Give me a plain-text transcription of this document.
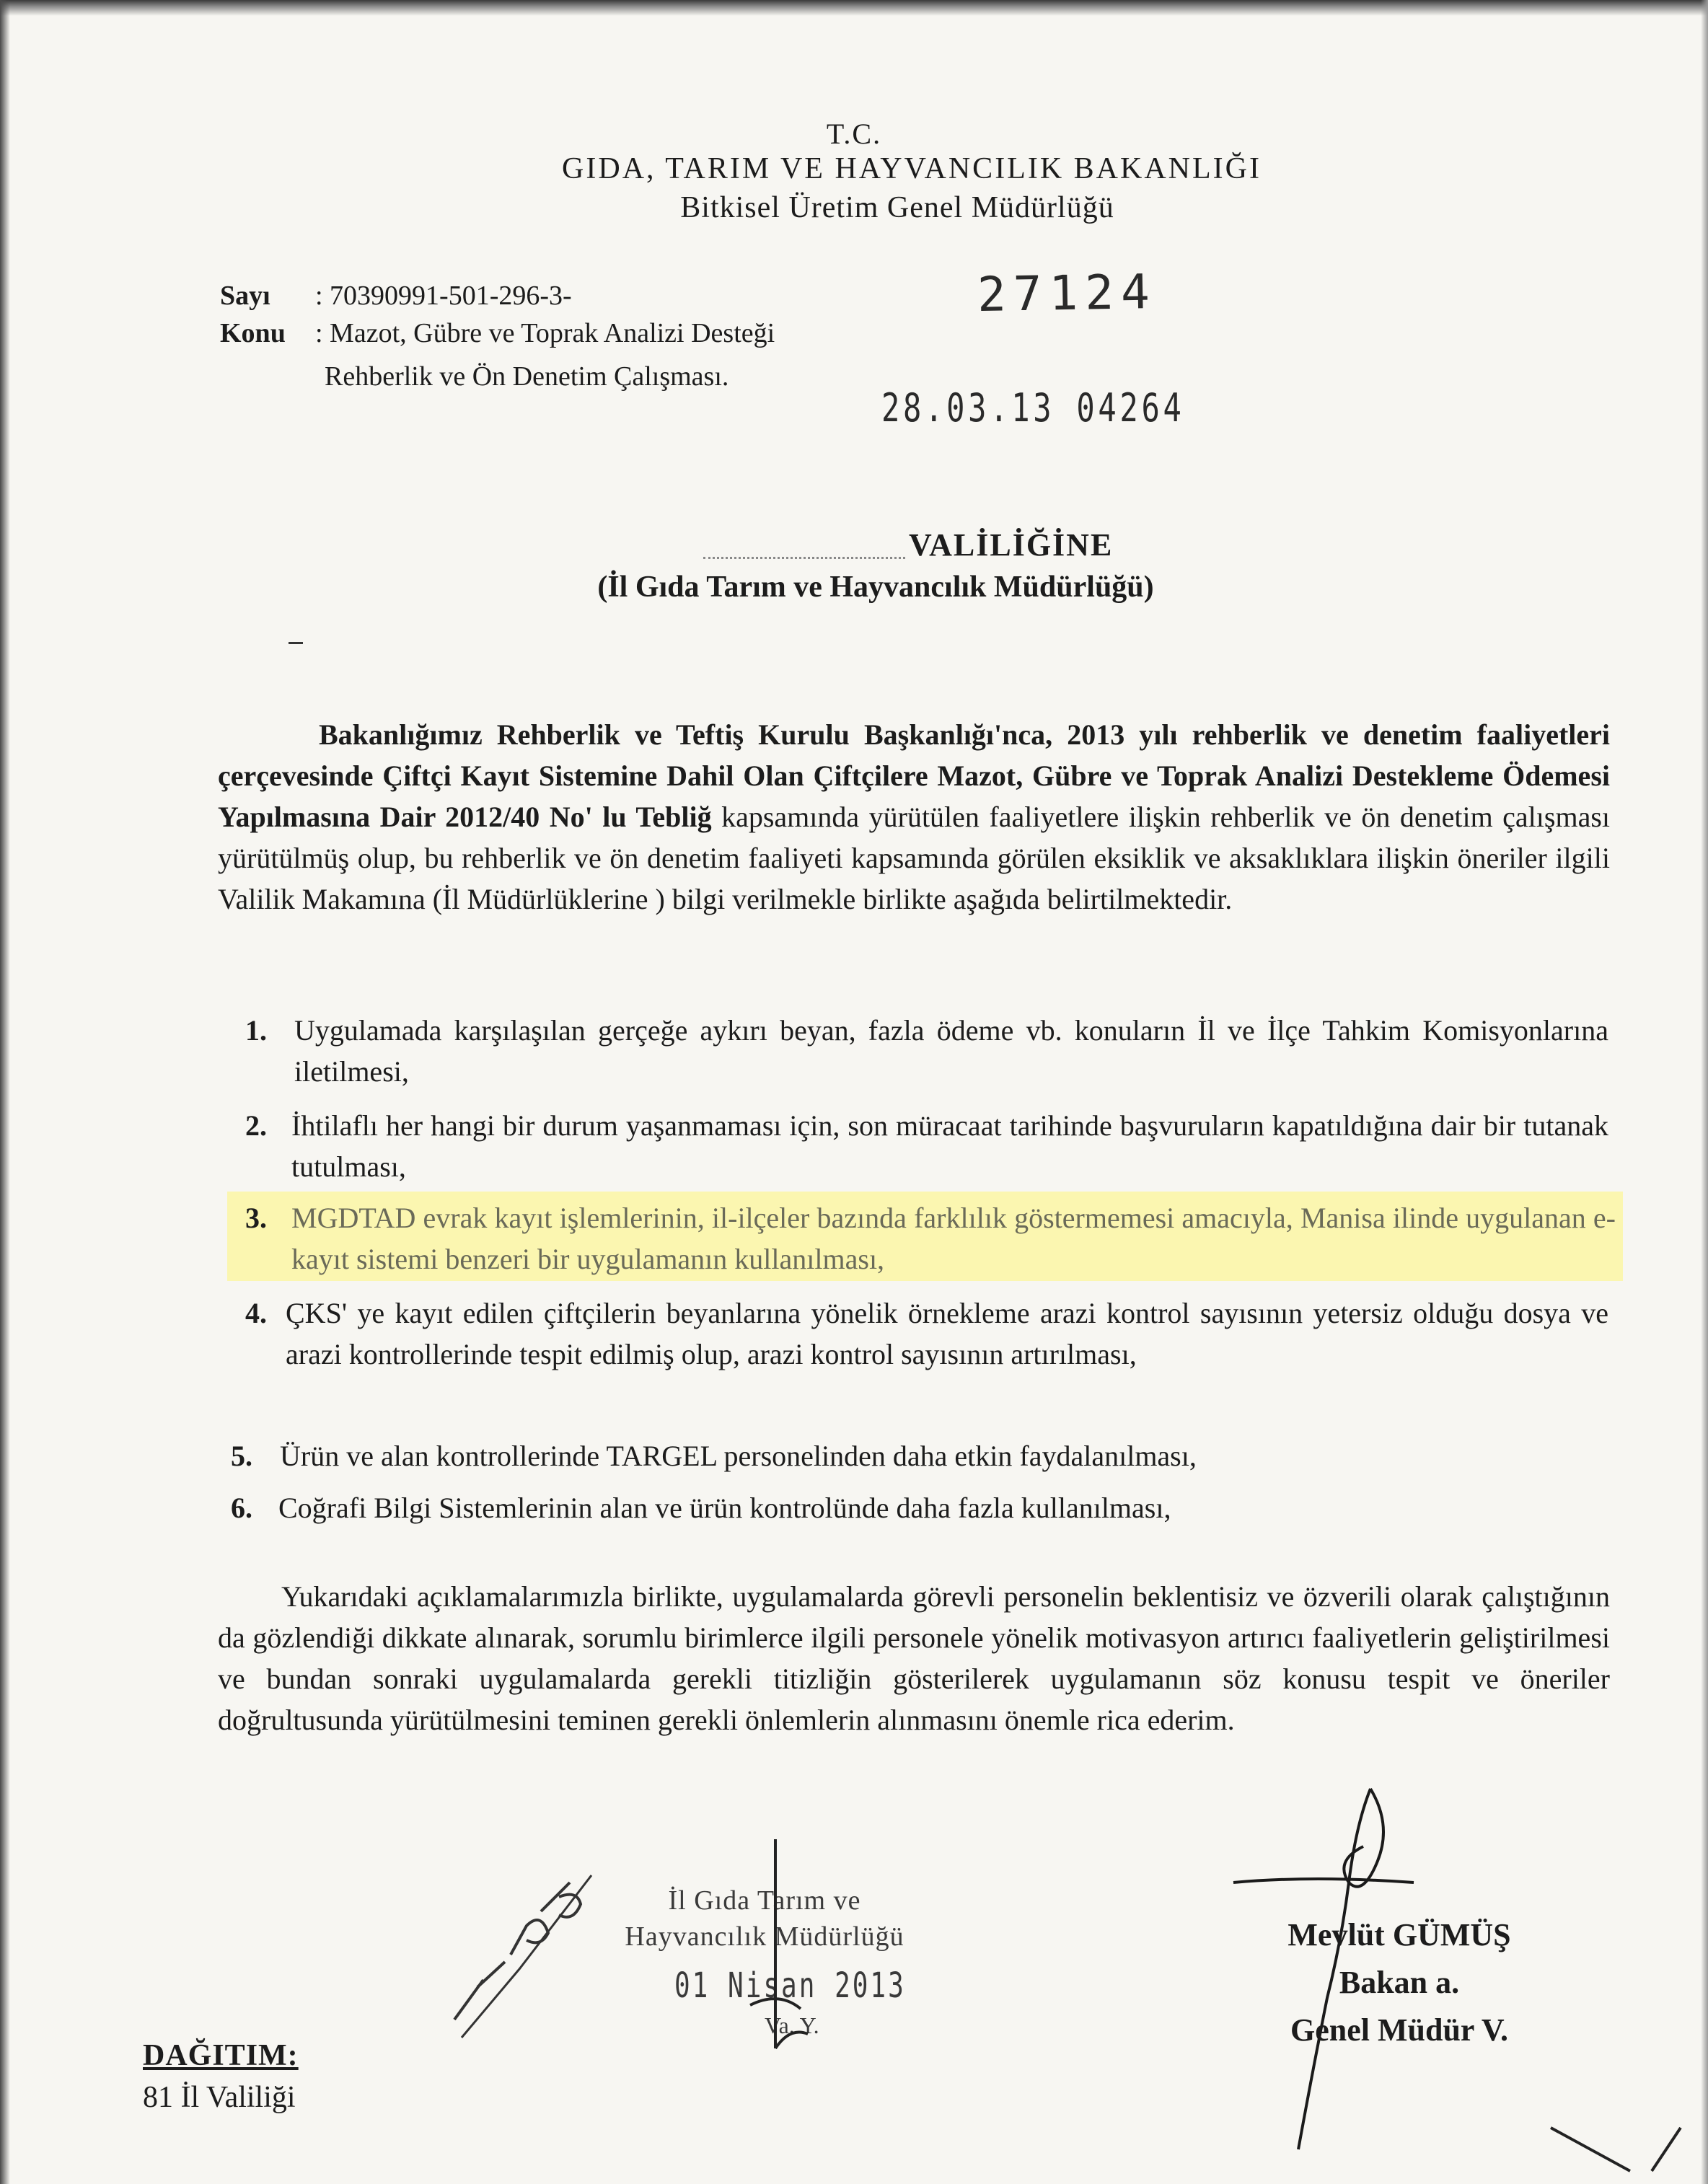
T.C.
GIDA, TARIM VE HAYVANCILIK BAKANLIĞI
Bitkisel Üretim Genel Müdürlüğü
Sayı : 70390991-501-296-3-
Konu : Mazot, Gübre ve Toprak Analizi Desteği
Rehberlik ve Ön Denetim Çalışması.
27124
28.03.13 04264
VALİLİĞİNE
(İl Gıda Tarım ve Hayvancılık Müdürlüğü)
Bakanlığımız Rehberlik ve Teftiş Kurulu Başkanlığı'nca, 2013 yılı rehberlik ve denetim faaliyetleri çerçevesinde Çiftçi Kayıt Sistemine Dahil Olan Çiftçilere Mazot, Gübre ve Toprak Analizi Destekleme Ödemesi Yapılmasına Dair 2012/40 No' lu Tebliğ kapsamında yürütülen faaliyetlere ilişkin rehberlik ve ön denetim çalışması yürütülmüş olup, bu rehberlik ve ön denetim faaliyeti kapsamında görülen eksiklik ve aksaklıklara ilişkin öneriler ilgili Valilik Makamına (İl Müdürlüklerine ) bilgi verilmekle birlikte aşağıda belirtilmektedir.
1. Uygulamada karşılaşılan gerçeğe aykırı beyan, fazla ödeme vb. konuların İl ve İlçe Tahkim Komisyonlarına iletilmesi,
2. İhtilaflı her hangi bir durum yaşanmaması için, son müracaat tarihinde başvuruların kapatıldığına dair bir tutanak tutulması,
3. MGDTAD evrak kayıt işlemlerinin, il-ilçeler bazında farklılık göstermemesi amacıyla, Manisa ilinde uygulanan e- kayıt sistemi benzeri bir uygulamanın kullanılması,
4. ÇKS' ye kayıt edilen çiftçilerin beyanlarına yönelik örnekleme arazi kontrol sayısının yetersiz olduğu dosya ve arazi kontrollerinde tespit edilmiş olup, arazi kontrol sayısının artırılması,
5. Ürün ve alan kontrollerinde TARGEL personelinden daha etkin faydalanılması,
6. Coğrafi Bilgi Sistemlerinin alan ve ürün kontrolünde daha fazla kullanılması,
Yukarıdaki açıklamalarımızla birlikte, uygulamalarda görevli personelin beklentisiz ve özverili olarak çalıştığının da gözlendiği dikkate alınarak, sorumlu birimlerce ilgili personele yönelik motivasyon artırıcı faaliyetlerin geliştirilmesi ve bundan sonraki uygulamalarda gerekli titizliğin gösterilerek uygulamanın söz konusu tespit ve öneriler doğrultusunda yürütülmesini teminen gerekli önlemlerin alınmasını önemle rica ederim.
İl Gıda Tarım ve
Hayvancılık Müdürlüğü
01 Nisan 2013
Va. Y.
Mevlüt GÜMÜŞ
Bakan a.
Genel Müdür V.
DAĞITIM:
81 İl Valiliği
